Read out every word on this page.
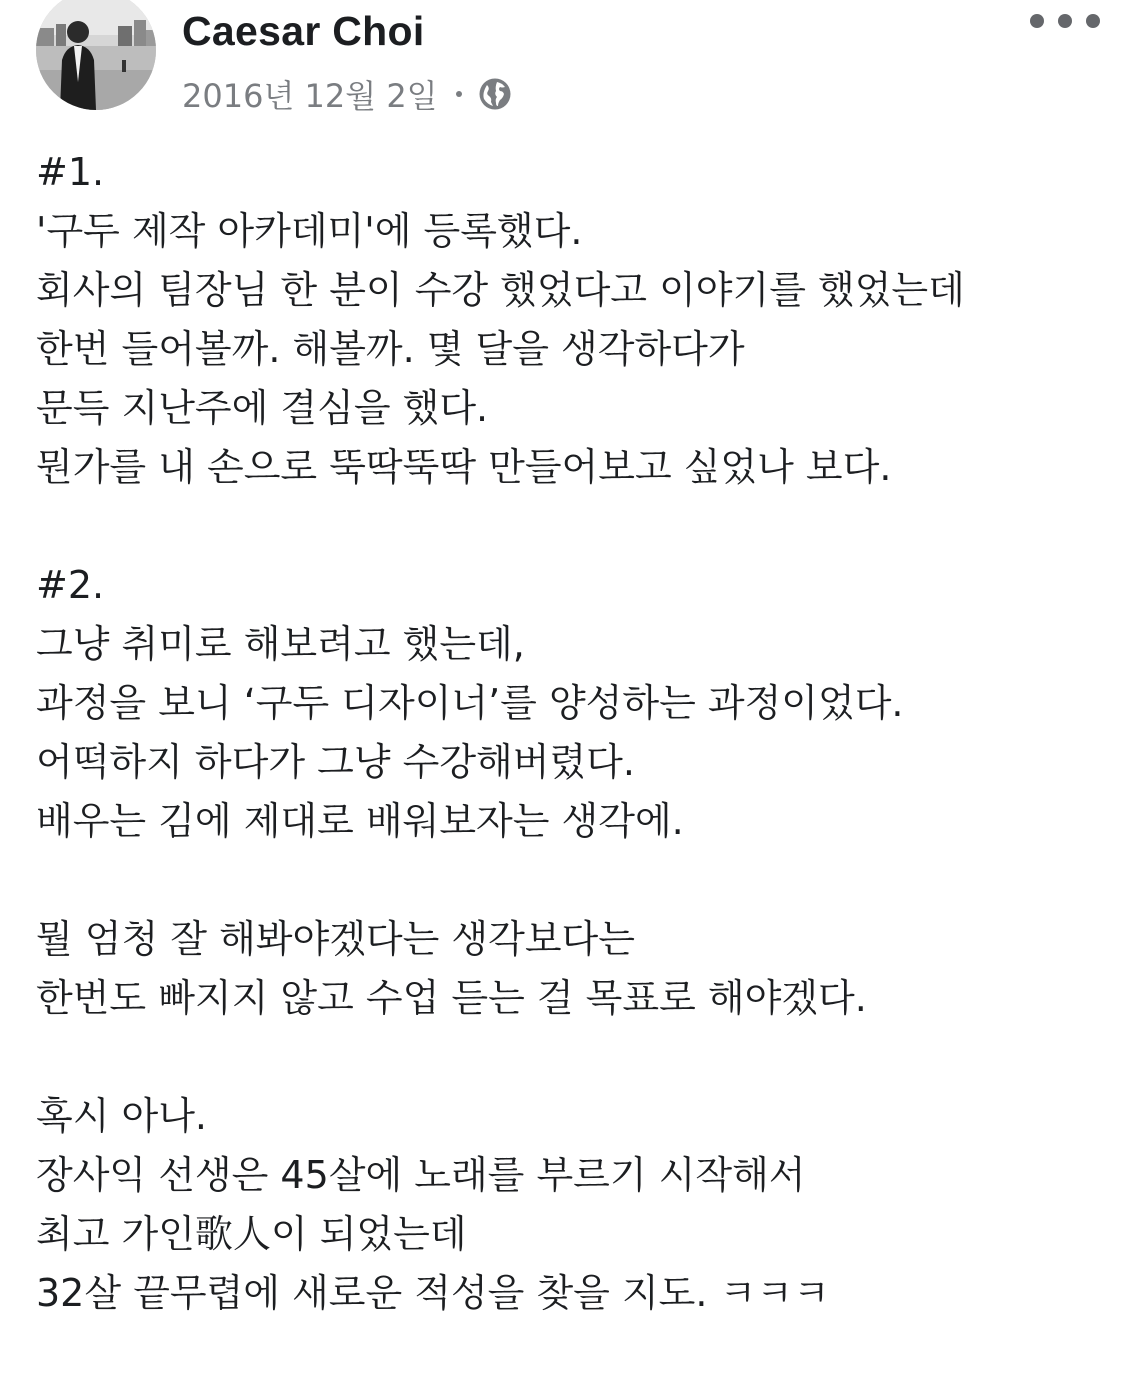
Caesar Choi
2016년 12월 2일
#1.
'구두 제작 아카데미'에 등록했다.
회사의 팀장님 한 분이 수강 했었다고 이야기를 했었는데
한번 들어볼까. 해볼까. 몇 달을 생각하다가
문득 지난주에 결심을 했다.
뭔가를 내 손으로 뚝딱뚝딱 만들어보고 싶었나 보다.
#2.
그냥 취미로 해보려고 했는데,
과정을 보니 ‘구두 디자이너’를 양성하는 과정이었다.
어떡하지 하다가 그냥 수강해버렸다.
배우는 김에 제대로 배워보자는 생각에.
뭘 엄청 잘 해봐야겠다는 생각보다는
한번도 빠지지 않고 수업 듣는 걸 목표로 해야겠다.
혹시 아나.
장사익 선생은 45살에 노래를 부르기 시작해서
최고 가인歌人이 되었는데
32살 끝무렵에 새로운 적성을 찾을 지도. ㅋㅋㅋ
